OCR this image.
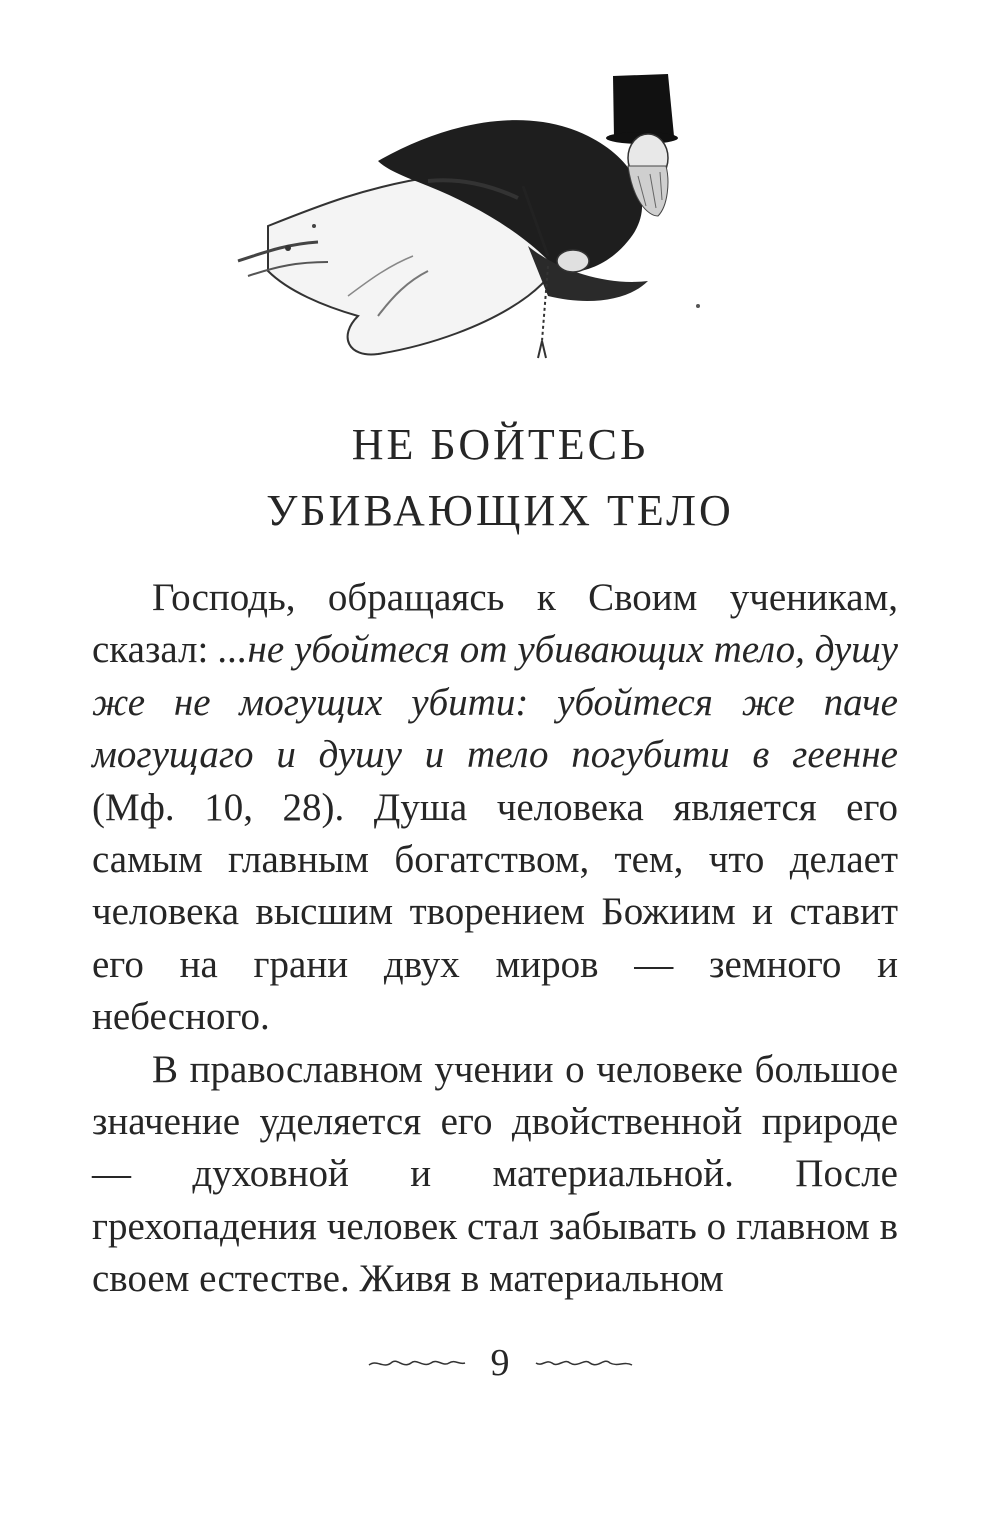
НЕ БОЙТЕСЬ
УБИВАЮЩИХ ТЕЛО

Господь, обращаясь к Своим ученикам, сказал: ...не убойтеся от убивающих тело, душу же не могущих убити: убойтеся же паче могущаго и душу и тело погубити в геенне (Мф. 10, 28). Душа человека является его самым главным богатством, тем, что делает человека высшим творением Божиим и ставит его на грани двух миров — земного и небесного.

В православном учении о человеке большое значение уделяется его двойственной природе — духовной и материальной. После грехопадения человек стал забывать о главном в своем естестве. Живя в материальном

9
